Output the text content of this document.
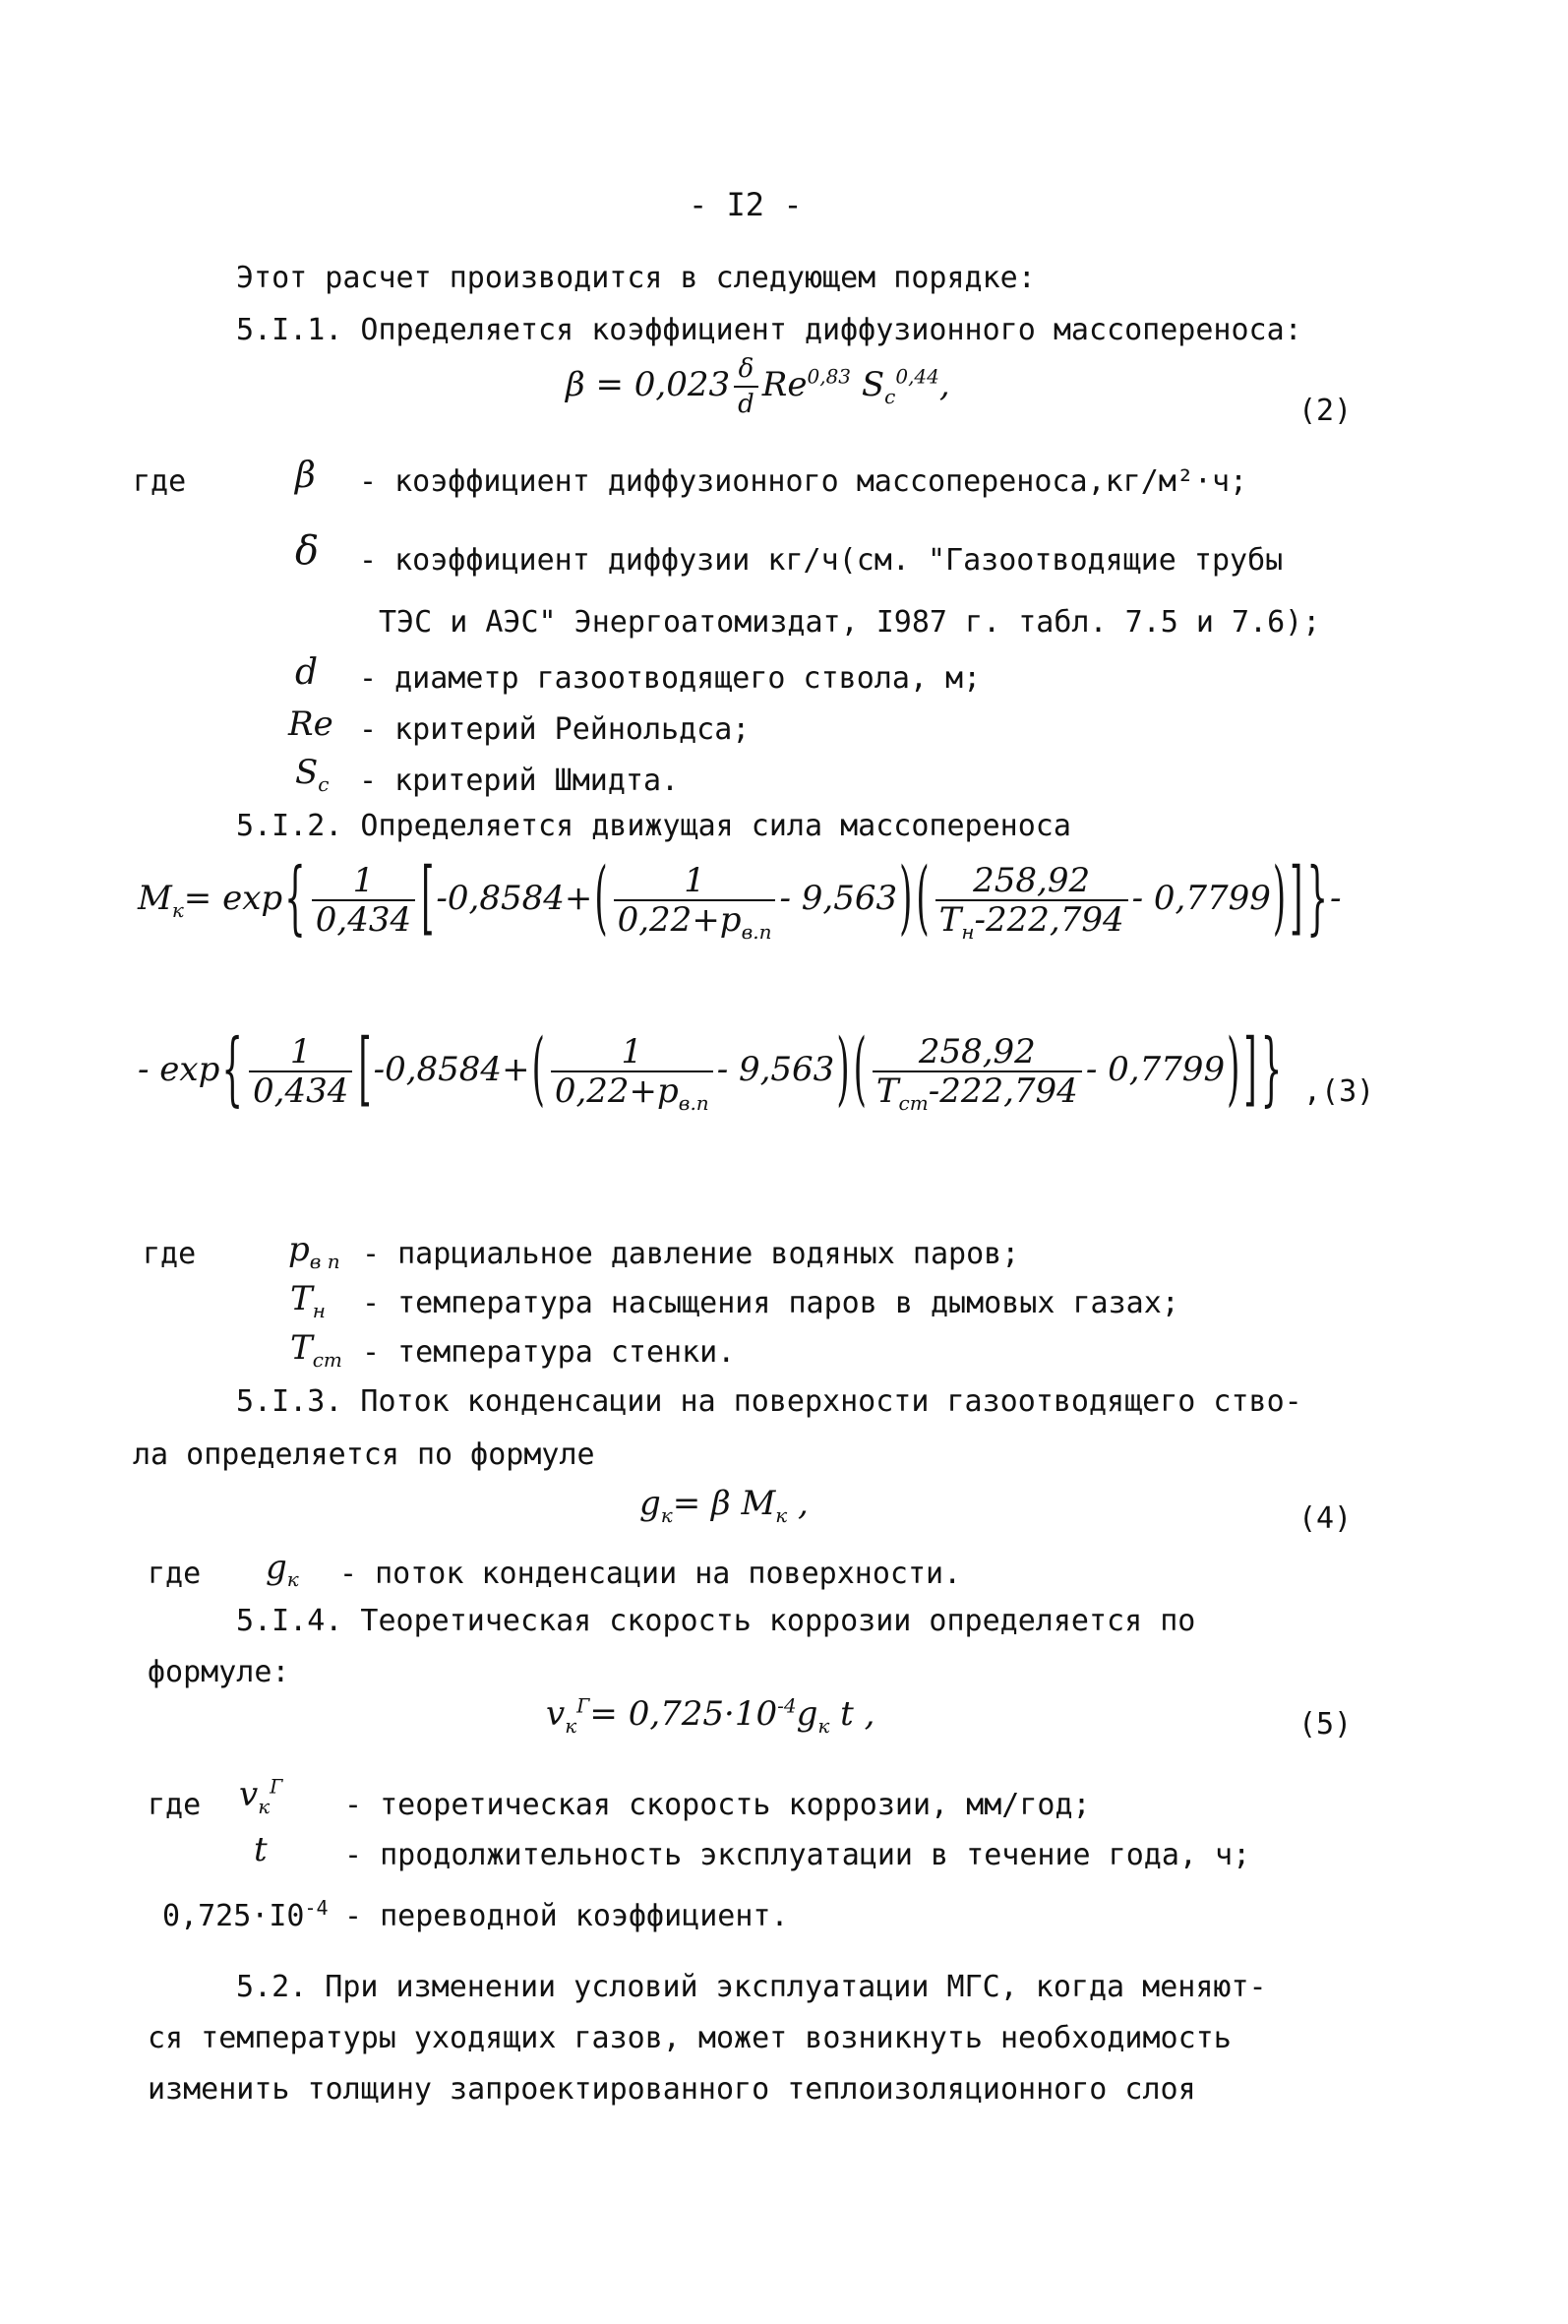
- I2 -
Этот расчет производится в следующем порядке:
5.I.1. Определяется коэффициент диффузионного массопереноса:
$\beta = 0,023 \frac{\delta}{d} Re^{0,83}$ $S_c^{0,44}$,
(2)
где	β - коэффициент диффузионного массопереноса,кг/м²·ч;
δ - коэффициент диффузии кг/ч(см. "Газоотводящие трубы
ТЭС и АЭС" Энергоатомиздат, I987 г. табл. 7.5 и 7.6);
d - диаметр газоотводящего ствола, м;
Re - критерий Рейнольдса;
$S_c$ - критерий Шмидта.
5.I.2. Определяется движущая сила массопереноса
$M_к= \exp\{ \frac{1}{0,434} [-0,8584+( \frac{1}{0,22+p_{в.п}} - 9,563)$ ( $\frac{258,92}{T_н-222,794} - 0,7799$) ] }-
- $\exp\{ \frac{1}{0,434} [-0,8584+( \frac{1}{0,22+p_{в.п}} - 9,563)$ ( $\frac{258,92}{T_{ст}-222,794} - 0,7799$) ] } ,(3)
где	$p_{в п}$ - парциальное давление водяных паров;
$T_н$ - температура насыщения паров в дымовых газах;
$T_{ст}$ - температура стенки.
5.I.3. Поток конденсации на поверхности газоотводящего ство-
ла определяется по формуле
$g_к= \beta$ $M_к$ ,	(4)
где $g_к$ - поток конденсации на поверхности.
5.I.4. Теоретическая скорость коррозии определяется по
формуле:
$v_к^Г= 0,725\cdot 10^{-4}g_к$ t ,	(5)
где $v_к^Г$
- теоретическая скорость коррозии, мм/год;
t	- продолжительность эксплуатации в течение года, ч;
$0,725\cdot I0^{-4}$ - переводной коэффициент.
5.2. При изменении условий эксплуатации МГС, когда меняют-
ся температуры уходящих газов, может возникнуть необходимость
изменить толщину запроектированного теплоизоляционного слоя
